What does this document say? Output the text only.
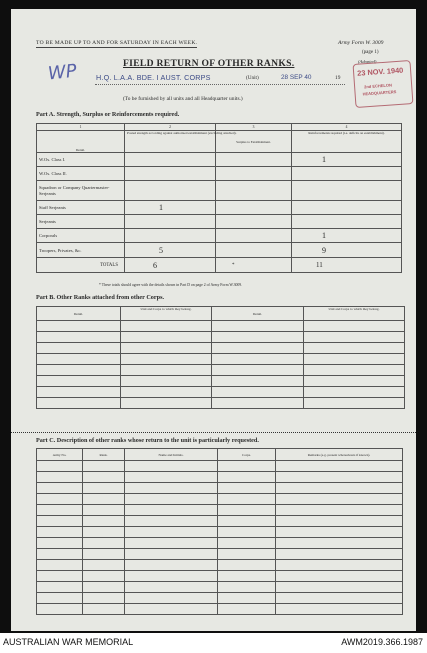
TO BE MADE UP TO AND FOR SATURDAY IN EACH WEEK.	Army Form W. 3009
(page 1)
(Adopted)
FIELD RETURN OF OTHER RANKS.
WP	H.Q. L.A.A. BDE. I AUST. CORPS	(Unit)	28 SEP 40	19
(To be furnished by all units and all Headquarter units.)
23 NOV. 1940
2nd ECHELON
HEADQUARTERS
Part A. Strength, Surplus or Reinforcements required.
1	2	3	4
Detail.	Posted strength according against authorised establishment (excluding attached).	Surplus to Establishment.	Reinforcements required (i.e. deficits on establishment).
W.Os. Class I.			1
W.Os. Class II.			
Squadron or Company Quartermaster-Serjeants			
Staff Serjeants	1		
Serjeants			
Corporals			1
Troopers, Privates, &c.	5		9
TOTALS	6	*	11
* These totals should agree with the details shown in Part D on page 2 of Army Form W.3009.
Part B. Other Ranks attached from other Corps.
Detail.	Unit and Corps to which they belong.	Detail.	Unit and Corps to which they belong.

Part C. Description of other ranks whose return to the unit is particularly requested.
Army No.	Rank.	Name and Initials.	Corps.	Remarks (e.g. present whereabouts if known).

AUSTRALIAN WAR MEMORIAL	AWM2019.366.1987
